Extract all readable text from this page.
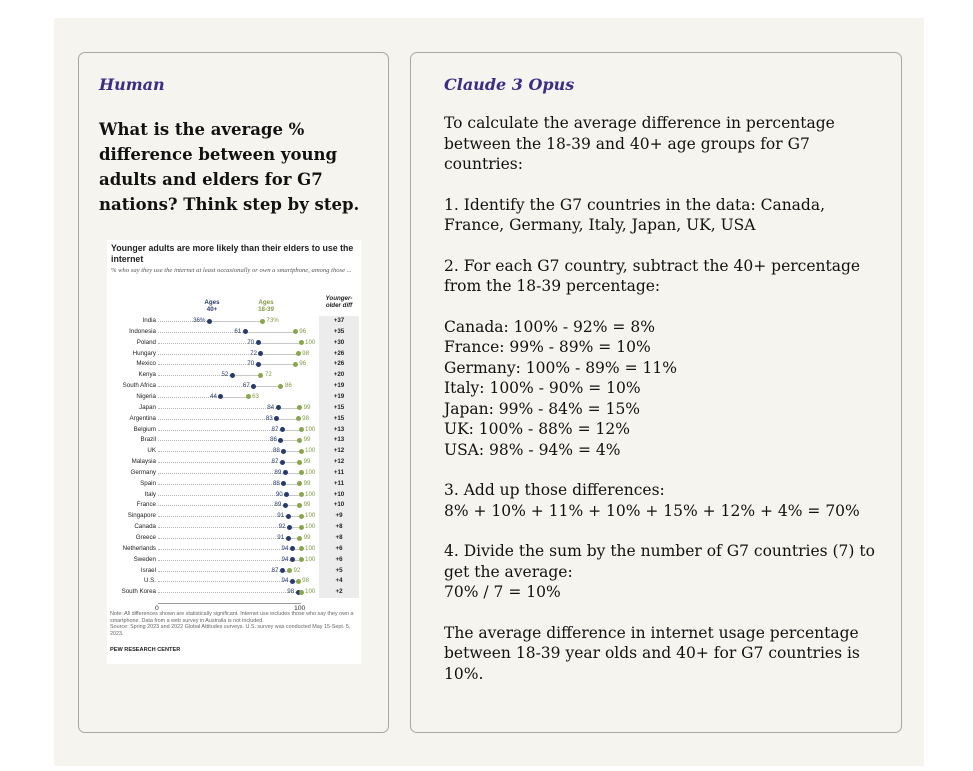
Human
What is the average % difference between young adults and elders for G7 nations? Think step by step.
Younger adults are more likely than their elders to use the internet
% who say they use the internet at least occasionally or own a smartphone, among those ...
Ages
40+
Ages
18-39
Younger-
older diff
India	36%	73%	+37
Indonesia	61	96	+35
Poland	70	100	+30
Hungary	72	98	+26
Mexico	70	96	+26
Kenya	52	72	+20
South Africa	67	86	+19
Nigeria	44	63	+19
Japan	84	99	+15
Argentina	83	98	+15
Belgium	87	100	+13
Brazil	86	99	+13
UK	88	100	+12
Malaysia	87	99	+12
Germany	89	100	+11
Spain	88	99	+11
Italy	90	100	+10
France	89	99	+10
Singapore	91	100	+9
Canada	92	100	+8
Greece	91	99	+8
Netherlands	94	100	+6
Sweden	94	100	+6
Israel	87 92	+5
U.S.	94 98	+4
South Korea	98 100	+2
0	100
Note: All differences shown are statistically significant. Internet use includes those who say they own a smartphone. Data from a web survey in Australia is not included.
Source: Spring 2023 and 2022 Global Attitudes surveys. U.S. survey was conducted May 15-Sept. 5, 2023.
PEW RESEARCH CENTER
Claude 3 Opus

To calculate the average difference in percentage between the 18-39 and 40+ age groups for G7 countries:

1. Identify the G7 countries in the data: Canada, France, Germany, Italy, Japan, UK, USA

2. For each G7 country, subtract the 40+ percentage from the 18-39 percentage:

Canada: 100% - 92% = 8%
France: 99% - 89% = 10%
Germany: 100% - 89% = 11%
Italy: 100% - 90% = 10%
Japan: 99% - 84% = 15%
UK: 100% - 88% = 12%
USA: 98% - 94% = 4%

3. Add up those differences:
8% + 10% + 11% + 10% + 15% + 12% + 4% = 70%

4. Divide the sum by the number of G7 countries (7) to get the average:
70% / 7 = 10%

The average difference in internet usage percentage between 18-39 year olds and 40+ for G7 countries is 10%.
